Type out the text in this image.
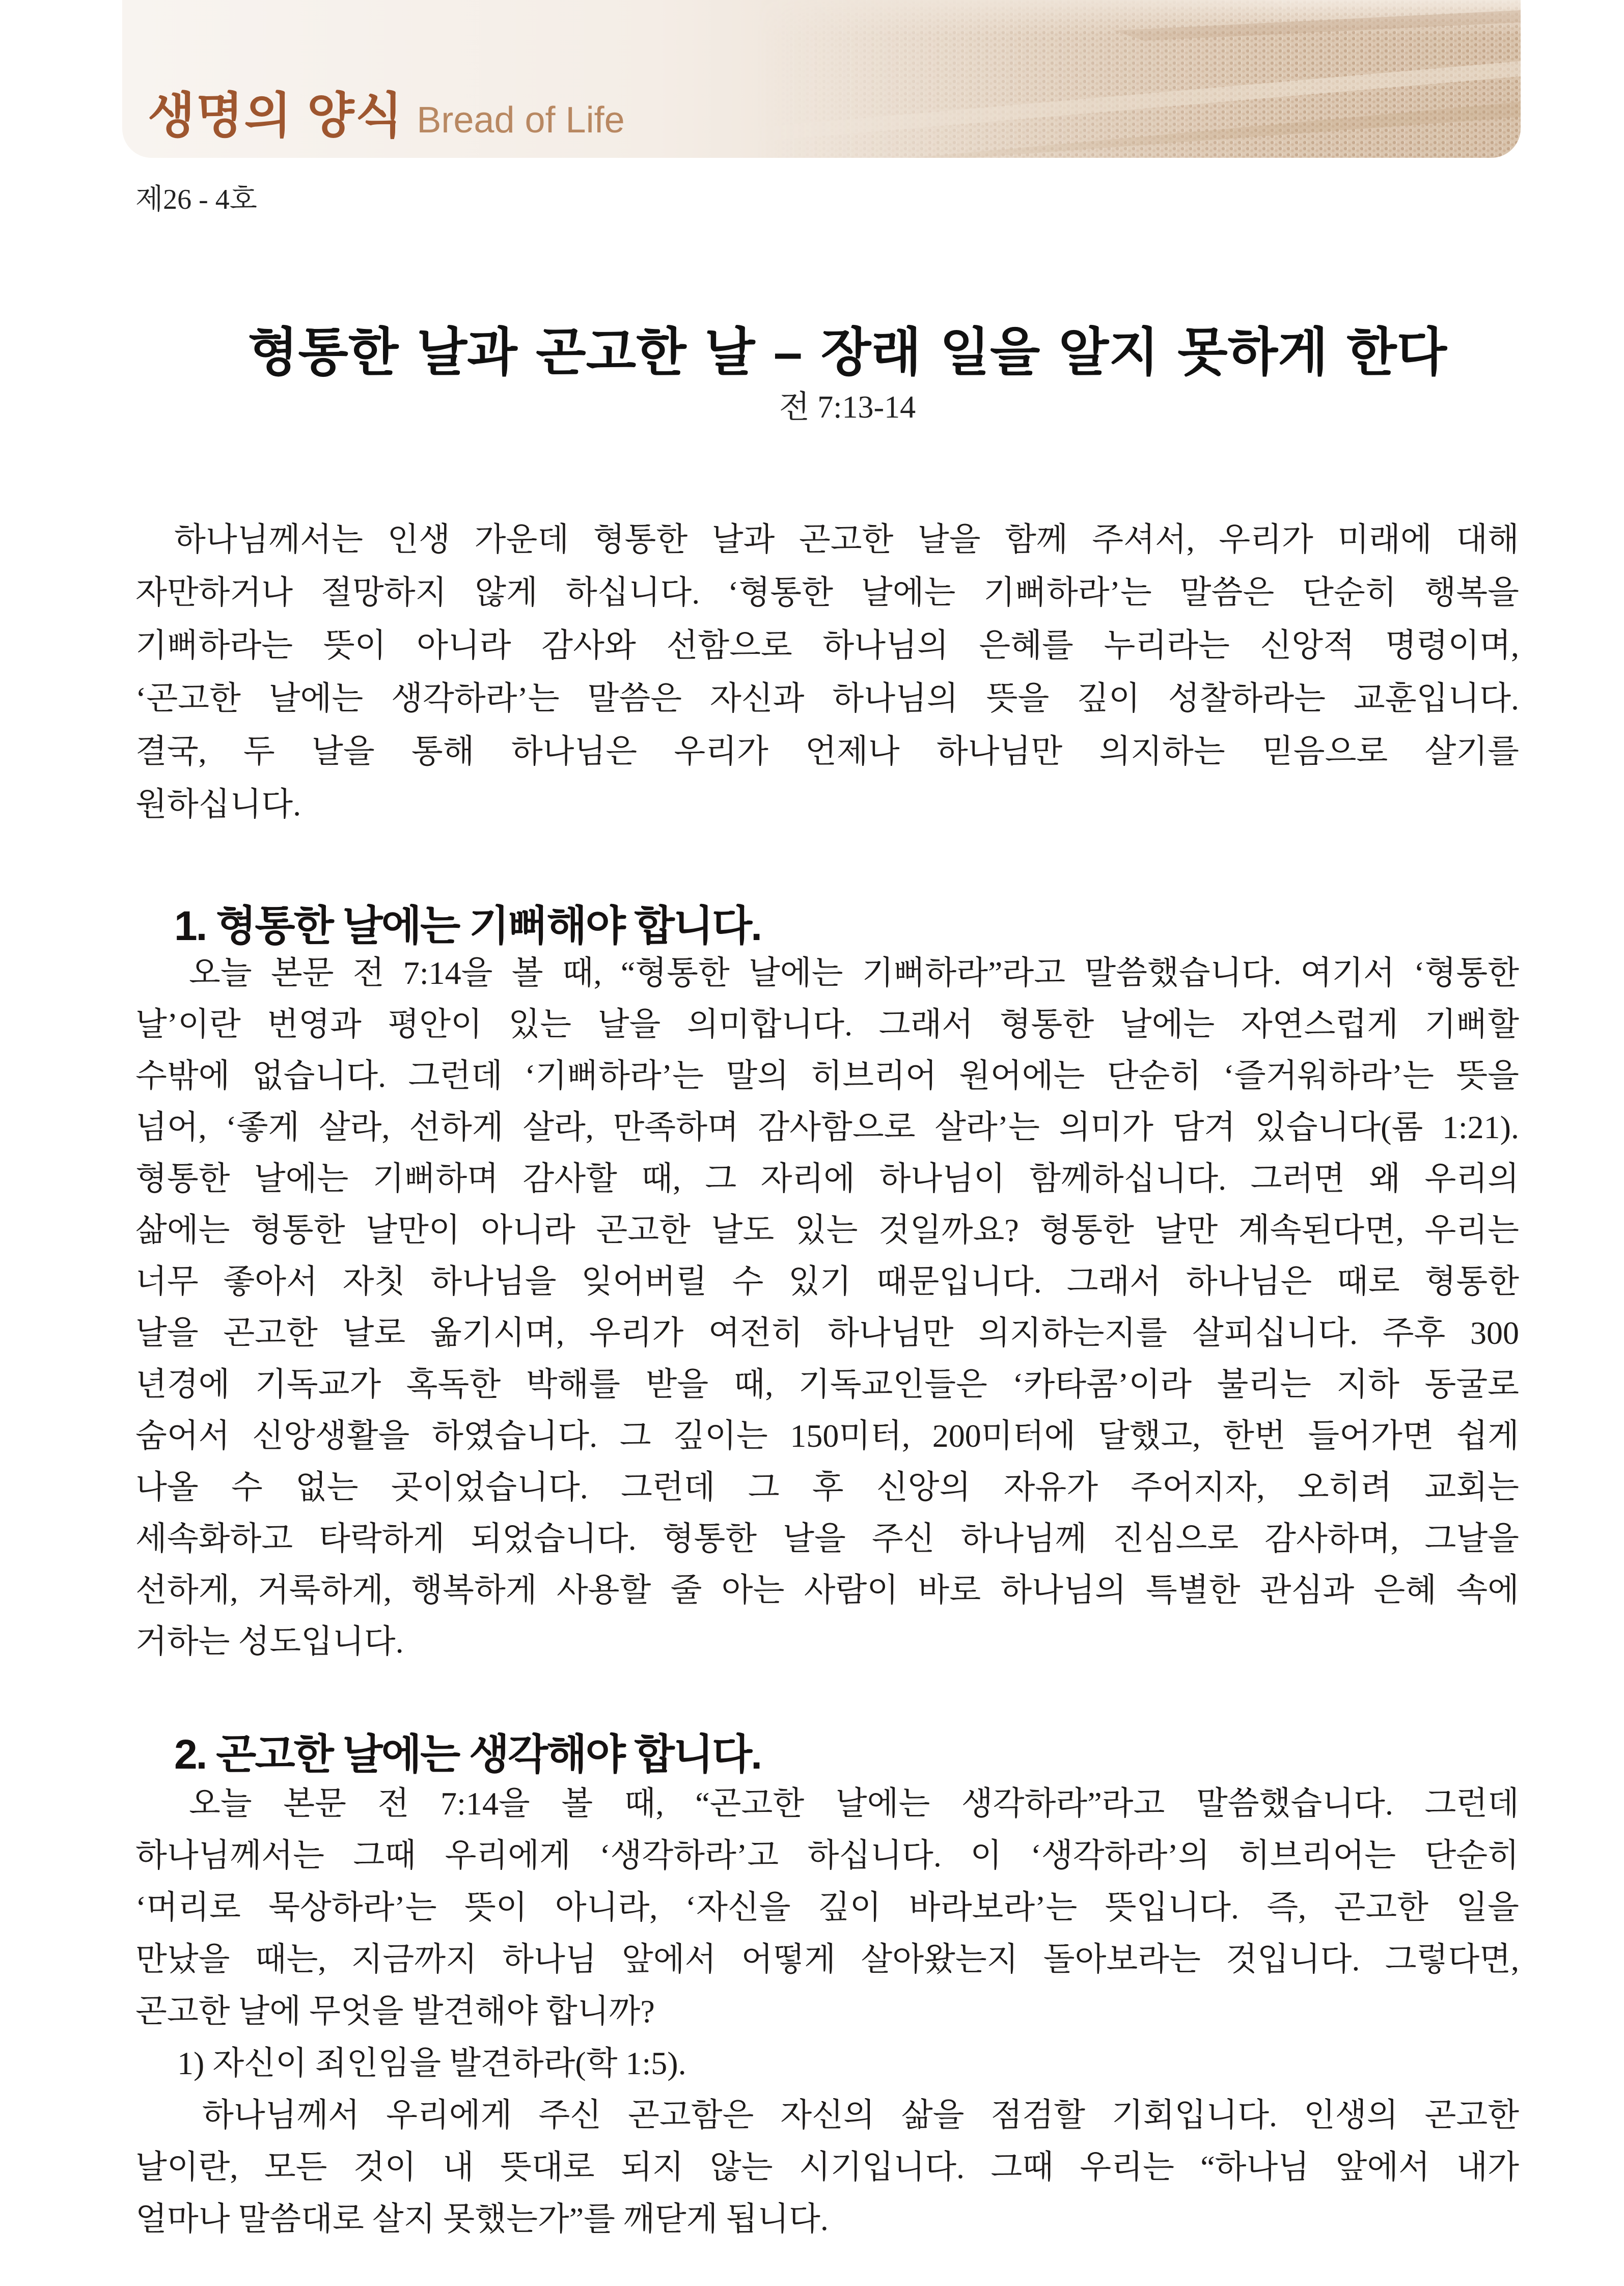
생명의 양식 Bread of Life
제26 - 4호
형통한 날과 곤고한 날 – 장래 일을 알지 못하게 한다
전 7:13-14
하나님께서는 인생 가운데 형통한 날과 곤고한 날을 함께 주셔서, 우리가 미래에 대해
자만하거나 절망하지 않게 하십니다. ‘형통한 날에는 기뻐하라’는 말씀은 단순히 행복을
기뻐하라는 뜻이 아니라 감사와 선함으로 하나님의 은혜를 누리라는 신앙적 명령이며,
‘곤고한 날에는 생각하라’는 말씀은 자신과 하나님의 뜻을 깊이 성찰하라는 교훈입니다.
결국, 두 날을 통해 하나님은 우리가 언제나 하나님만 의지하는 믿음으로 살기를
원하십니다.
1. 형통한 날에는 기뻐해야 합니다.
오늘 본문 전 7:14을 볼 때, “형통한 날에는 기뻐하라”라고 말씀했습니다. 여기서 ‘형통한
날’이란 번영과 평안이 있는 날을 의미합니다. 그래서 형통한 날에는 자연스럽게 기뻐할
수밖에 없습니다. 그런데 ‘기뻐하라’는 말의 히브리어 원어에는 단순히 ‘즐거워하라’는 뜻을
넘어, ‘좋게 살라, 선하게 살라, 만족하며 감사함으로 살라’는 의미가 담겨 있습니다(롬 1:21).
형통한 날에는 기뻐하며 감사할 때, 그 자리에 하나님이 함께하십니다. 그러면 왜 우리의
삶에는 형통한 날만이 아니라 곤고한 날도 있는 것일까요? 형통한 날만 계속된다면, 우리는
너무 좋아서 자칫 하나님을 잊어버릴 수 있기 때문입니다. 그래서 하나님은 때로 형통한
날을 곤고한 날로 옮기시며, 우리가 여전히 하나님만 의지하는지를 살피십니다. 주후 300
년경에 기독교가 혹독한 박해를 받을 때, 기독교인들은 ‘카타콤’이라 불리는 지하 동굴로
숨어서 신앙생활을 하였습니다. 그 깊이는 150미터, 200미터에 달했고, 한번 들어가면 쉽게
나올 수 없는 곳이었습니다. 그런데 그 후 신앙의 자유가 주어지자, 오히려 교회는
세속화하고 타락하게 되었습니다. 형통한 날을 주신 하나님께 진심으로 감사하며, 그날을
선하게, 거룩하게, 행복하게 사용할 줄 아는 사람이 바로 하나님의 특별한 관심과 은혜 속에
거하는 성도입니다.
2. 곤고한 날에는 생각해야 합니다.
오늘 본문 전 7:14을 볼 때, “곤고한 날에는 생각하라”라고 말씀했습니다. 그런데
하나님께서는 그때 우리에게 ‘생각하라’고 하십니다. 이 ‘생각하라’의 히브리어는 단순히
‘머리로 묵상하라’는 뜻이 아니라, ‘자신을 깊이 바라보라’는 뜻입니다. 즉, 곤고한 일을
만났을 때는, 지금까지 하나님 앞에서 어떻게 살아왔는지 돌아보라는 것입니다. 그렇다면,
곤고한 날에 무엇을 발견해야 합니까?
1) 자신이 죄인임을 발견하라(학 1:5).
하나님께서 우리에게 주신 곤고함은 자신의 삶을 점검할 기회입니다. 인생의 곤고한
날이란, 모든 것이 내 뜻대로 되지 않는 시기입니다. 그때 우리는 “하나님 앞에서 내가
얼마나 말씀대로 살지 못했는가”를 깨닫게 됩니다.
